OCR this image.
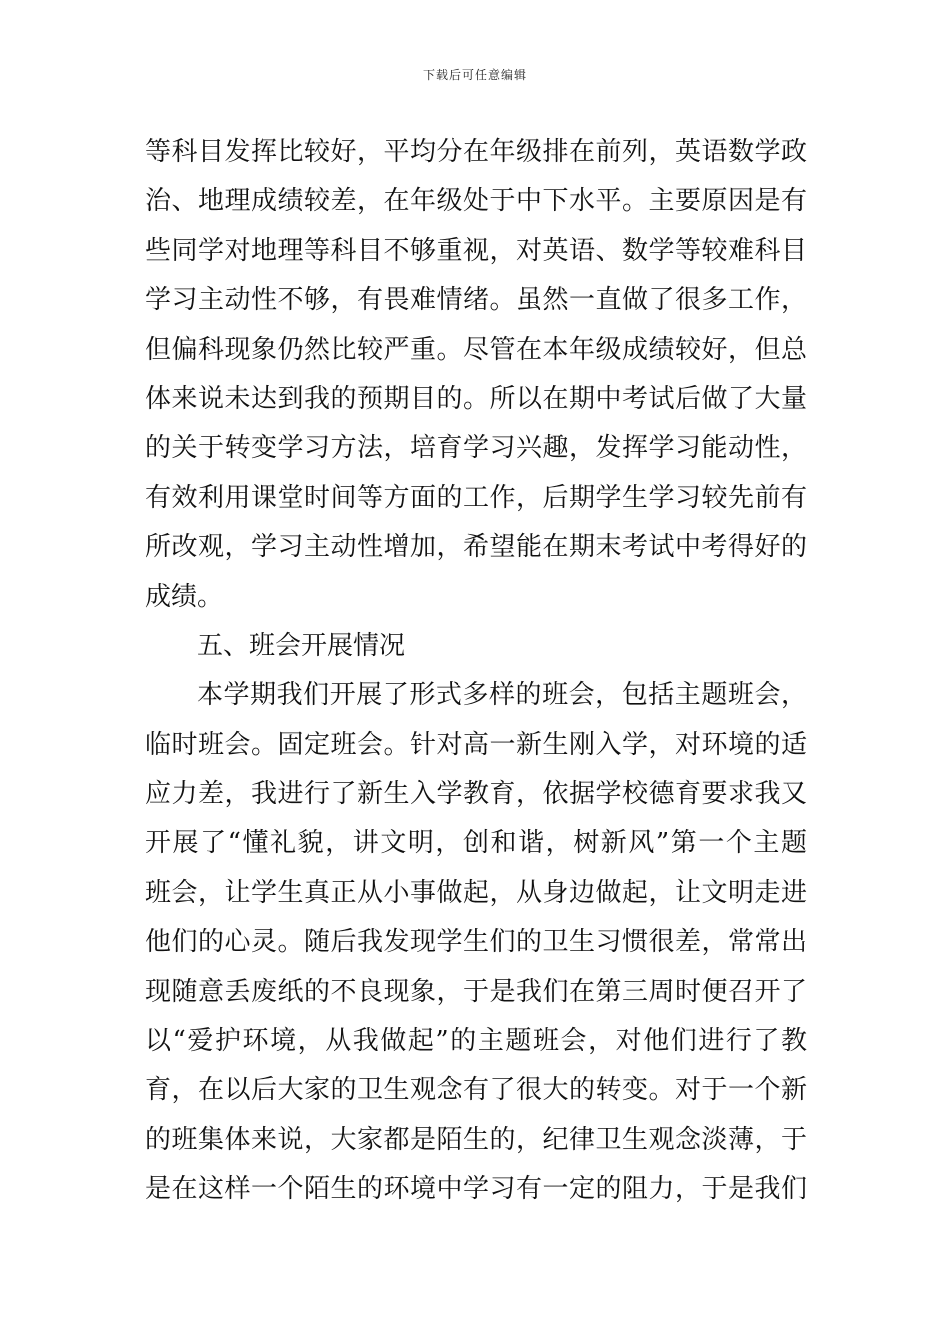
下载后可任意编辑
等科目发挥比较好，平均分在年级排在前列，英语数学政
治、地理成绩较差，在年级处于中下水平。主要原因是有
些同学对地理等科目不够重视，对英语、数学等较难科目
学习主动性不够，有畏难情绪。虽然一直做了很多工作，
但偏科现象仍然比较严重。尽管在本年级成绩较好，但总
体来说未达到我的预期目的。所以在期中考试后做了大量
的关于转变学习方法，培育学习兴趣，发挥学习能动性，
有效利用课堂时间等方面的工作，后期学生学习较先前有
所改观，学习主动性增加，希望能在期末考试中考得好的
成绩。
五、班会开展情况
本学期我们开展了形式多样的班会，包括主题班会，
临时班会。固定班会。针对高一新生刚入学，对环境的适
应力差，我进行了新生入学教育，依据学校德育要求我又
开展了“懂礼貌，讲文明，创和谐，树新风”第一个主题
班会，让学生真正从小事做起，从身边做起，让文明走进
他们的心灵。随后我发现学生们的卫生习惯很差，常常出
现随意丢废纸的不良现象，于是我们在第三周时便召开了
以“爱护环境，从我做起”的主题班会，对他们进行了教
育，在以后大家的卫生观念有了很大的转变。对于一个新
的班集体来说，大家都是陌生的，纪律卫生观念淡薄，于
是在这样一个陌生的环境中学习有一定的阻力，于是我们
